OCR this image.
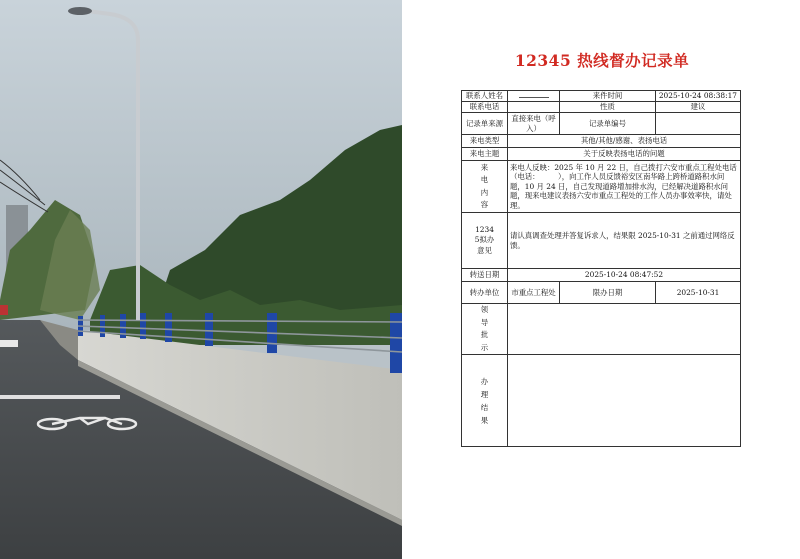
12345 热线督办记录单
联系人姓名		来件时间	2025-10-24 08:38:17
联系电话		性质	建议
记录单来源	直接来电（呼入）	记录单编号	
来电类型	其他/其他/感谢、表扬电话		
来电主题	关于反映表扬电话的问题		
来电内容	来电人反映：2025 年 10 月 22 日，自己拨打六安市重点工程处电话（电话：　　　），向工作人员反馈裕安区南华路上跨桥道路积水问题，10 月 24 日，自己发现道路增加排水沟，已经解决道路积水问题，现来电建议表扬六安市重点工程处的工作人员办事效率快，请处理。		
12345拟办意见	请认真调查处理并答复诉求人，结果限 2025-10-31 之前通过网络反馈。		
转送日期	2025-10-24 08:47:52		
转办单位	市重点工程处	限办日期	2025-10-31
领导批示			
办理结果			
